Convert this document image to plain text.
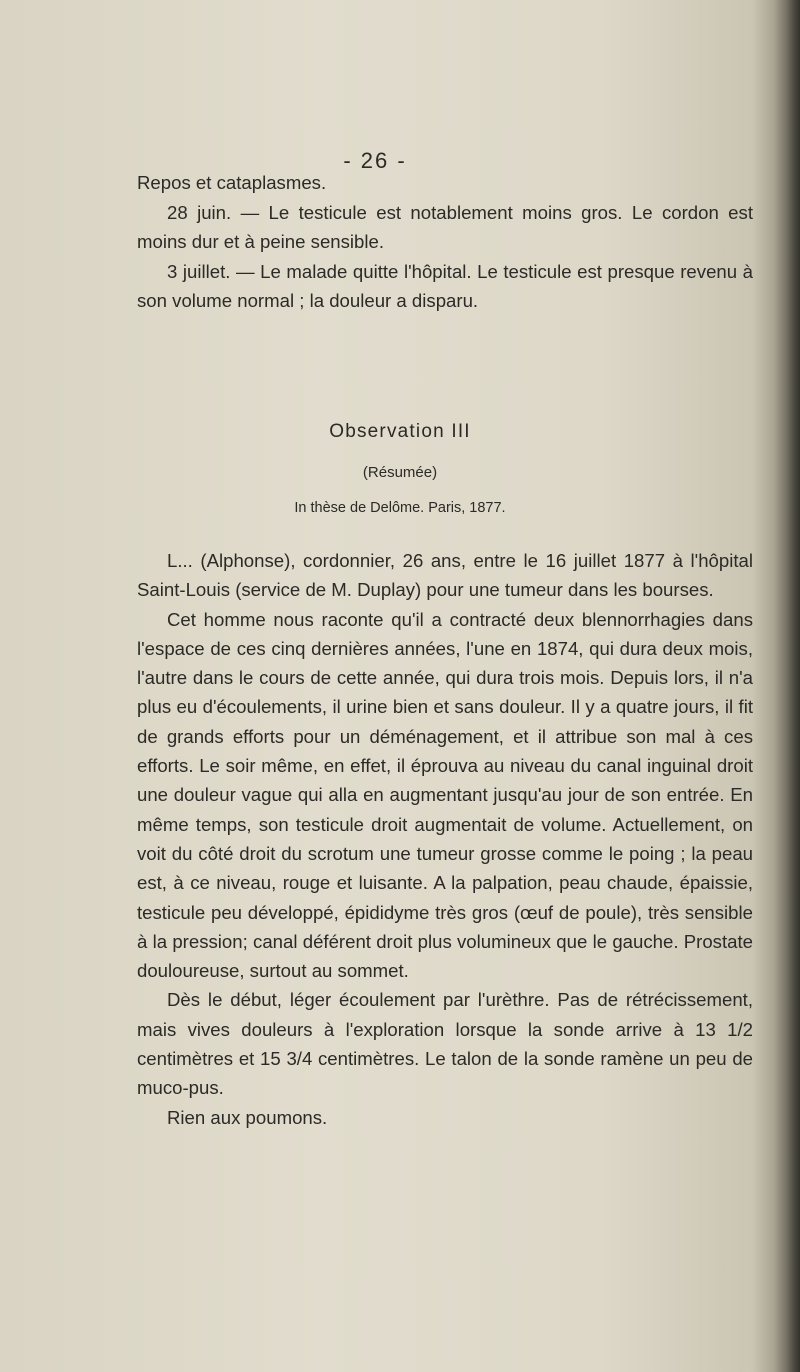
- 26 -

Repos et cataplasmes.

28 juin. — Le testicule est notablement moins gros. Le cordon est moins dur et à peine sensible.

3 juillet. — Le malade quitte l'hôpital. Le testicule est presque revenu à son volume normal ; la douleur a disparu.

Observation III
(Résumée)
In thèse de Delôme. Paris, 1877.

L... (Alphonse), cordonnier, 26 ans, entre le 16 juillet 1877 à l'hôpital Saint-Louis (service de M. Duplay) pour une tumeur dans les bourses.

Cet homme nous raconte qu'il a contracté deux blennorrhagies dans l'espace de ces cinq dernières années, l'une en 1874, qui dura deux mois, l'autre dans le cours de cette année, qui dura trois mois. Depuis lors, il n'a plus eu d'écoulements, il urine bien et sans douleur. Il y a quatre jours, il fit de grands efforts pour un déménagement, et il attribue son mal à ces efforts. Le soir même, en effet, il éprouva au niveau du canal inguinal droit une douleur vague qui alla en augmentant jusqu'au jour de son entrée. En même temps, son testicule droit augmentait de volume. Actuellement, on voit du côté droit du scrotum une tumeur grosse comme le poing ; la peau est, à ce niveau, rouge et luisante. A la palpation, peau chaude, épaissie, testicule peu développé, épididyme très gros (œuf de poule), très sensible à la pression; canal déférent droit plus volumineux que le gauche. Prostate douloureuse, surtout au sommet.

Dès le début, léger écoulement par l'urèthre. Pas de rétrécissement, mais vives douleurs à l'exploration lorsque la sonde arrive à 13 1/2 centimètres et 15 3/4 centimètres. Le talon de la sonde ramène un peu de muco-pus.

Rien aux poumons.
